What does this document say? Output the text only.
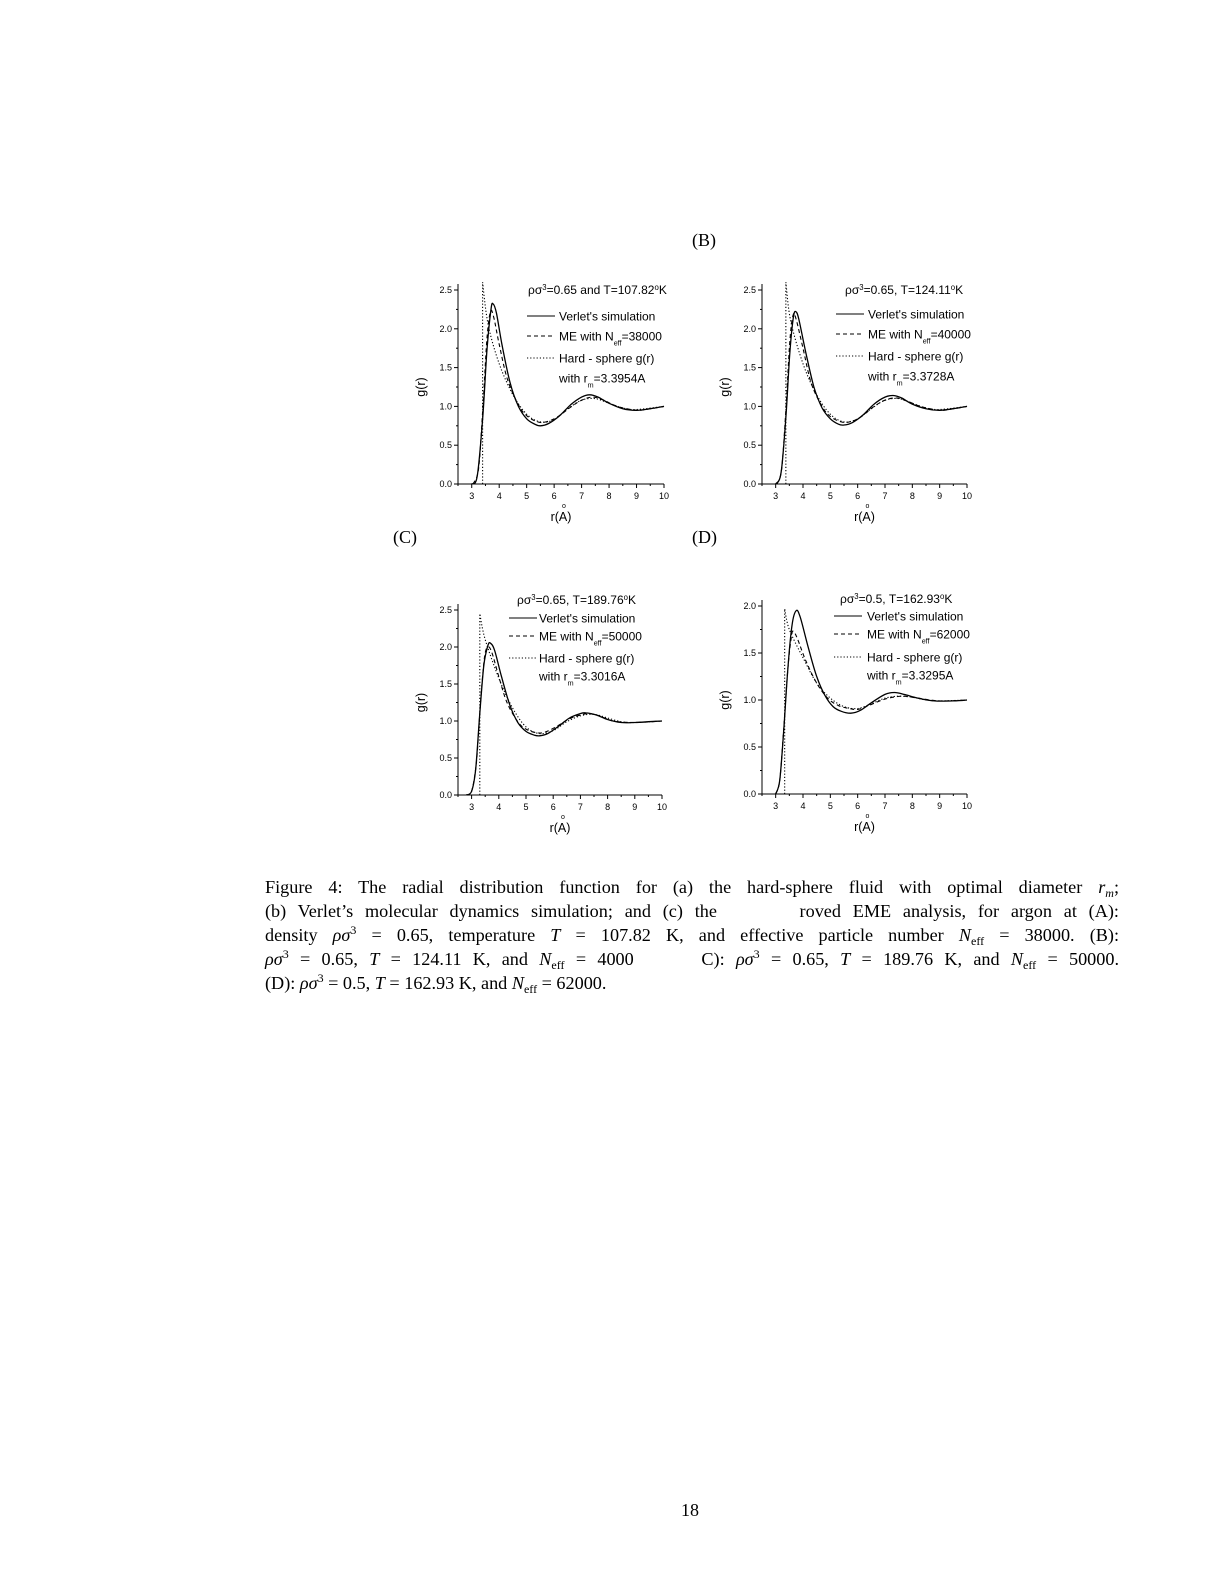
(B)
(C)	(D)
3 4 5 6 7 8 9 10
0.0
0.5
1.0
1.5
2.0
2.5
r(A)
o
g(r)
$\rho\sigma^3=0.65$ and $T=107.82^oK$
Verlet's simulation
ME with $N_{eff}=38000$
Hard - sphere g(r)
with $r_m=3.3954A$
3 4 5 6 7 8 9 10
0.0
0.5
1.0
1.5
2.0
2.5
r(A)
o
g(r)
$\rho\sigma^3=0.65$, $T=124.11^oK$
Verlet's simulation
ME with $N_{eff}=40000$
Hard - sphere g(r)
with $r_m=3.3728A$
3 4 5 6 7 8 9 10
0.0
0.5
1.0
1.5
2.0
2.5
r(A)
o
g(r)
$\rho\sigma^3=0.65$, $T=189.76^oK$
Verlet's simulation
ME with $N_{eff}=50000$
Hard - sphere g(r)
with $r_m=3.3016A$
3 4 5 6 7 8 9 10
0.0
0.5
1.0
1.5
2.0
r(A)
o
g(r)
$\rho\sigma^3=0.5$, $T=162.93^oK$
Verlet's simulation
ME with $N_{eff}=62000$
Hard - sphere g(r)
with $r_m=3.3295A$
Figure 4: The radial distribution function for (a) the hard-sphere fluid with optimal diameter $r_m$;
(b) Verlet’s molecular dynamics simulation; and (c) the       roved EME analysis, for argon at (A):
density $\rho\sigma^3 = 0.65$, temperature T = 107.82 K, and effective particle number $N_{eff} = 38000$. (B):
$\rho\sigma^3 = 0.65$, T = 124.11 K, and $N_{eff} = 4000$      C): $\rho\sigma^3 = 0.65$, T = 189.76 K, and $N_{eff} = 50000$.
(D): $\rho\sigma^3 = 0.5$, T = 162.93 K, and $N_{eff} = 62000$.
18
